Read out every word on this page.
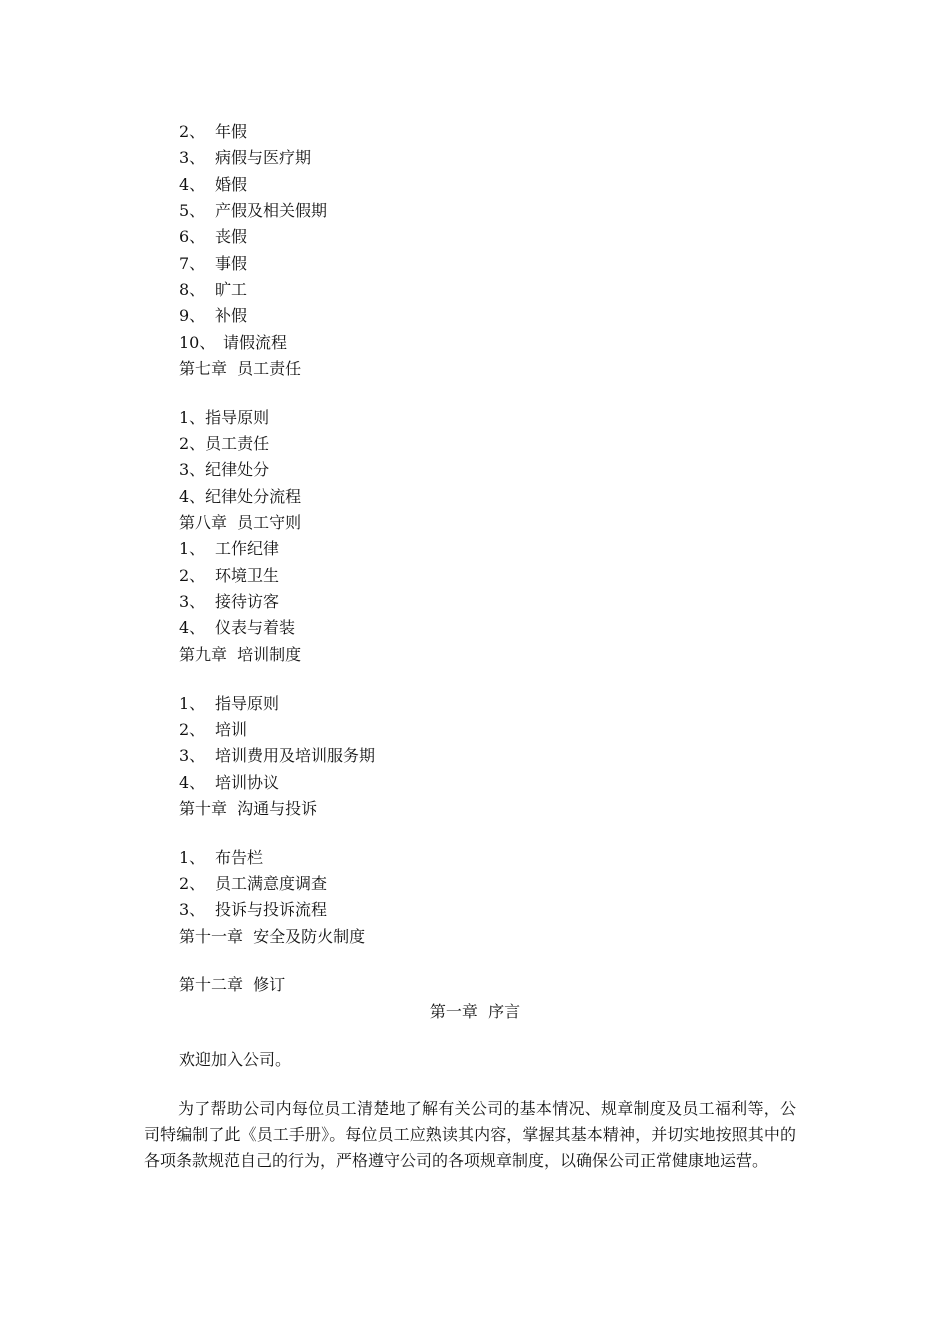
2、 年假
3、 病假与医疗期
4、 婚假
5、 产假及相关假期
6、 丧假
7、 事假
8、 旷工
9、 补假
10、 请假流程
第七章  员工责任
1、指导原则
2、员工责任
3、纪律处分
4、纪律处分流程
第八章  员工守则
1、 工作纪律
2、 环境卫生
3、 接待访客
4、 仪表与着装
第九章  培训制度
1、 指导原则
2、 培训
3、 培训费用及培训服务期
4、 培训协议
第十章  沟通与投诉
1、 布告栏
2、 员工满意度调查
3、 投诉与投诉流程
第十一章  安全及防火制度
第十二章  修订
第一章  序言
欢迎加入公司。

为了帮助公司内每位员工清楚地了解有关公司的基本情况、规章制度及员工福利等，公司特编制了此《员工手册》。每位员工应熟读其内容，掌握其基本精神，并切实地按照其中的各项条款规范自己的行为，严格遵守公司的各项规章制度，以确保公司正常健康地运营。
